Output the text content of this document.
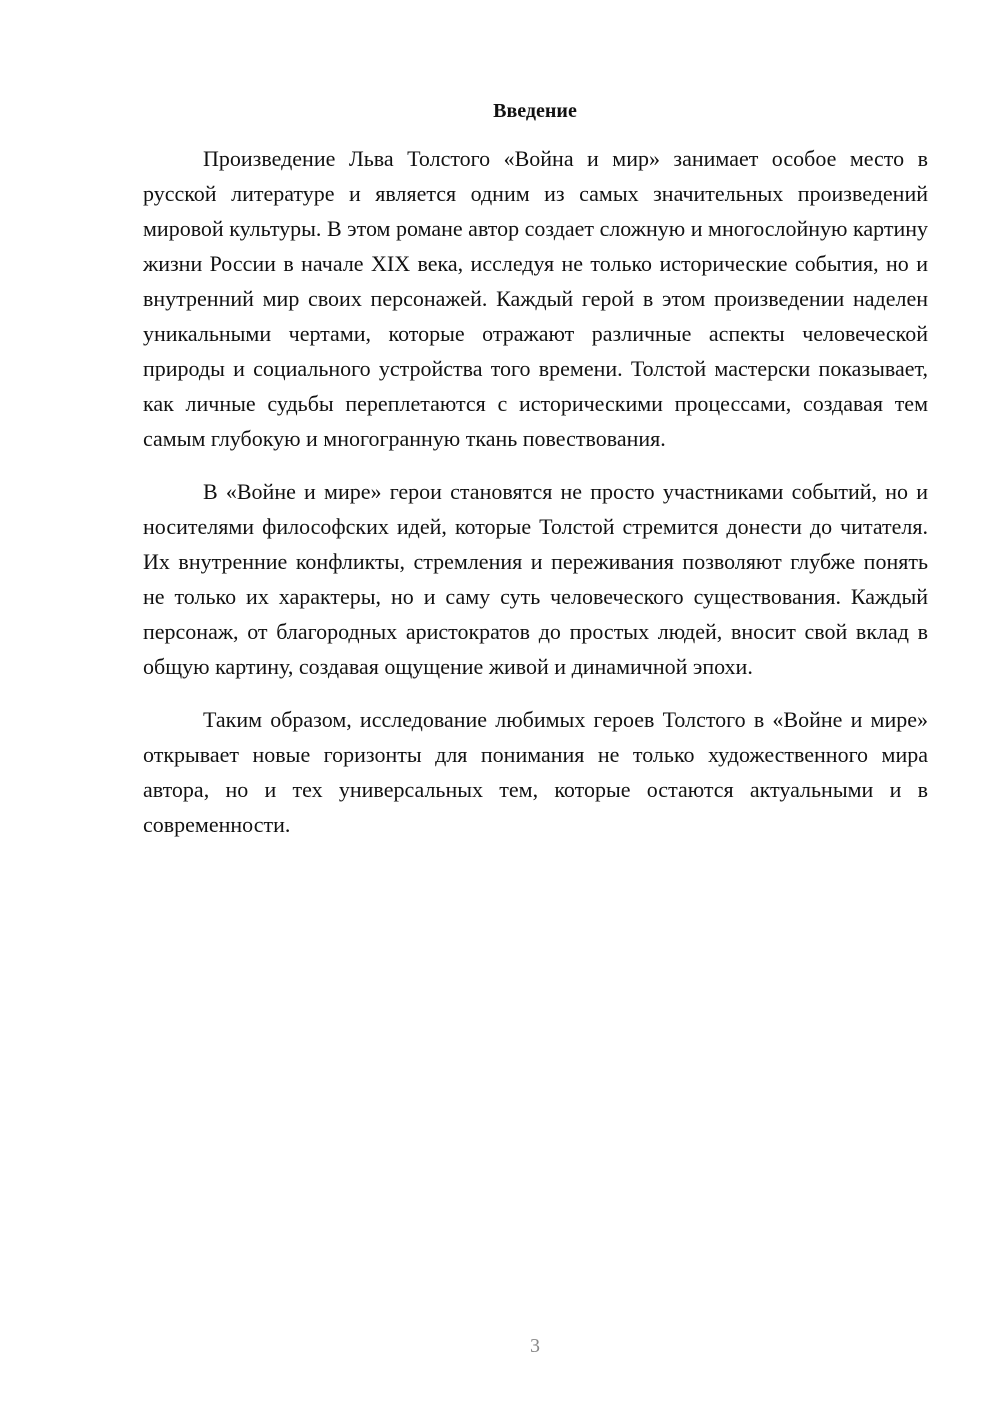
Введение

Произведение Льва Толстого «Война и мир» занимает особое место в русской литературе и является одним из самых значительных произведений мировой культуры. В этом романе автор создает сложную и многослойную картину жизни России в начале XIX века, исследуя не только исторические события, но и внутренний мир своих персонажей. Каждый герой в этом произведении наделен уникальными чертами, которые отражают различные аспекты человеческой природы и социального устройства того времени. Толстой мастерски показывает, как личные судьбы переплетаются с историческими процессами, создавая тем самым глубокую и многогранную ткань повествования.

В «Войне и мире» герои становятся не просто участниками событий, но и носителями философских идей, которые Толстой стремится донести до читателя. Их внутренние конфликты, стремления и переживания позволяют глубже понять не только их характеры, но и саму суть человеческого существования. Каждый персонаж, от благородных аристократов до простых людей, вносит свой вклад в общую картину, создавая ощущение живой и динамичной эпохи.

Таким образом, исследование любимых героев Толстого в «Войне и мире» открывает новые горизонты для понимания не только художественного мира автора, но и тех универсальных тем, которые остаются актуальными и в современности.

3
